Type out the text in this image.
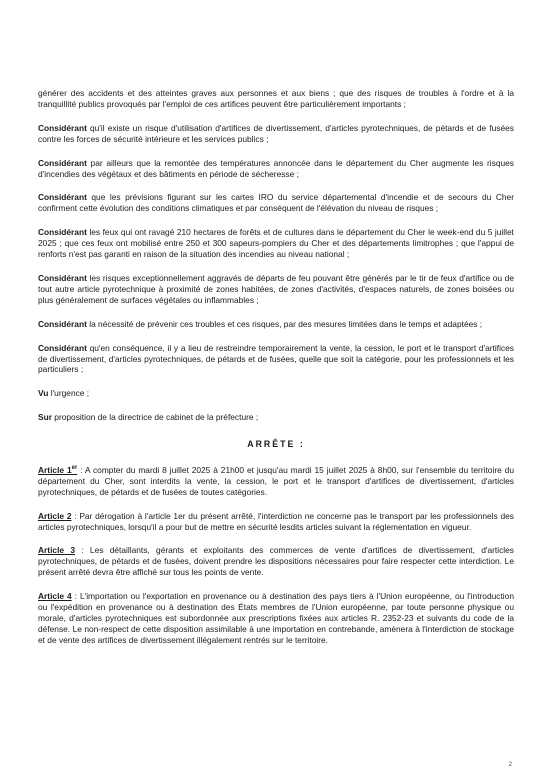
générer des accidents et des atteintes graves aux personnes et aux biens ; que des risques de troubles à l'ordre et à la tranquillité publics provoqués par l'emploi de ces artifices peuvent être particulièrement importants ;

Considérant qu'il existe un risque d'utilisation d'artifices de divertissement, d'articles pyrotechniques, de pétards et de fusées contre les forces de sécurité intérieure et les services publics ;

Considérant par ailleurs que la remontée des températures annoncée dans le département du Cher augmente les risques d'incendies des végétaux et des bâtiments en période de sécheresse ;

Considérant que les prévisions figurant sur les cartes IRO du service départemental d'incendie et de secours du Cher confirment cette évolution des conditions climatiques et par conséquent de l'élévation du niveau de risques ;

Considérant les feux qui ont ravagé 210 hectares de forêts et de cultures dans le département du Cher le week-end du 5 juillet 2025 ; que ces feux ont mobilisé entre 250 et 300 sapeurs-pompiers du Cher et des départements limitrophes ; que l'appui de renforts n'est pas garanti en raison de la situation des incendies au niveau national ;

Considérant les risques exceptionnellement aggravés de départs de feu pouvant être générés par le tir de feux d'artifice ou de tout autre article pyrotechnique à proximité de zones habitées, de zones d'activités, d'espaces naturels, de zones boisées ou plus généralement de surfaces végétales ou inflammables ;

Considérant la nécessité de prévenir ces troubles et ces risques, par des mesures limitées dans le temps et adaptées ;

Considérant qu'en conséquence, il y a lieu de restreindre temporairement la vente, la cession, le port et le transport d'artifices de divertissement, d'articles pyrotechniques, de pétards et de fusées, quelle que soit la catégorie, pour les professionnels et les particuliers ;

Vu l'urgence ;

Sur proposition de la directrice de cabinet de la préfecture ;

ARRÊTE :

Article 1er : A compter du mardi 8 juillet 2025 à 21h00 et jusqu'au mardi 15 juillet 2025 à 8h00, sur l'ensemble du territoire du département du Cher, sont interdits la vente, la cession, le port et le transport d'artifices de divertissement, d'articles pyrotechniques, de pétards et de fusées de toutes catégories.

Article 2 : Par dérogation à l'article 1er du présent arrêté, l'interdiction ne concerne pas le transport par les professionnels des articles pyrotechniques, lorsqu'il a pour but de mettre en sécurité lesdits articles suivant la réglementation en vigueur.

Article 3 : Les détaillants, gérants et exploitants des commerces de vente d'artifices de divertissement, d'articles pyrotechniques, de pétards et de fusées, doivent prendre les dispositions nécessaires pour faire respecter cette interdiction. Le présent arrêté devra être affiché sur tous les points de vente.

Article 4 : L'importation ou l'exportation en provenance ou à destination des pays tiers à l'Union européenne, ou l'introduction ou l'expédition en provenance ou à destination des États membres de l'Union européenne, par toute personne physique ou morale, d'articles pyrotechniques est subordonnée aux prescriptions fixées aux articles R. 2352-23 et suivants du code de la défense. Le non-respect de cette disposition assimilable à une importation en contrebande, amènera à l'interdiction de stockage et de vente des artifices de divertissement illégalement rentrés sur le territoire.

2
